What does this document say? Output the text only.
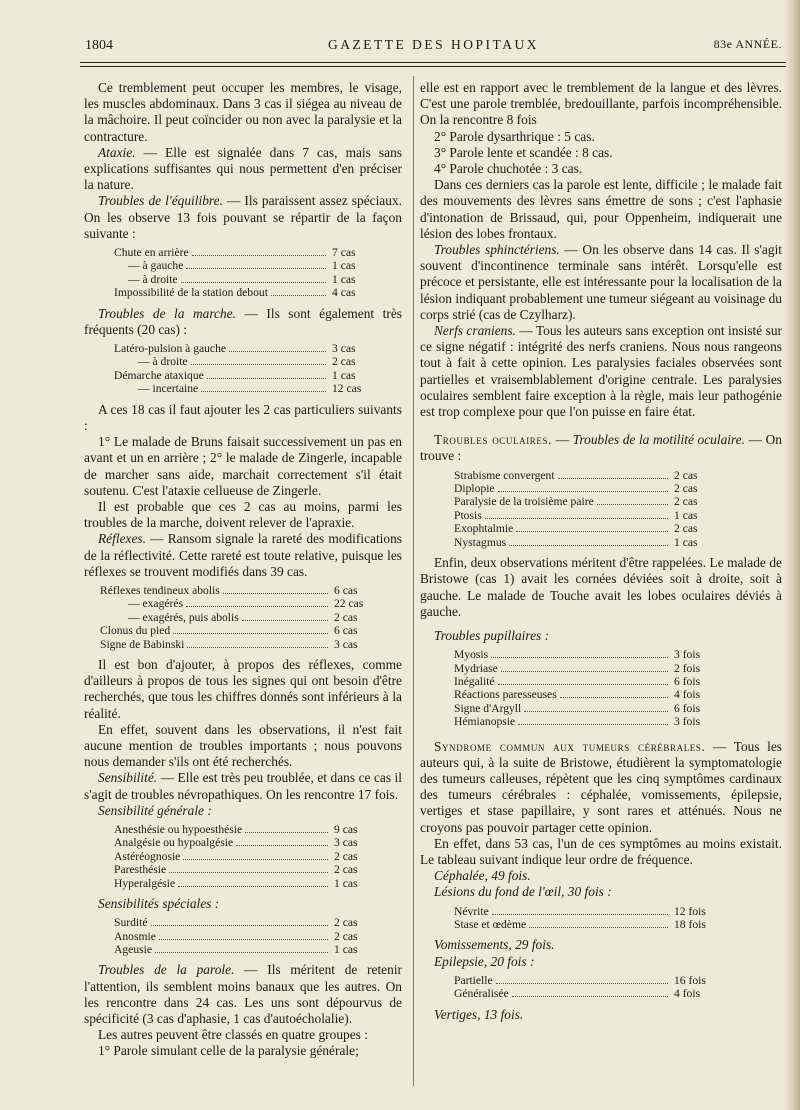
1804	GAZETTE DES HOPITAUX	83e ANNÉE.

Ce tremblement peut occuper les membres, le visage, les muscles abdominaux. Dans 3 cas il siégea au niveau de la mâchoire. Il peut coïncider ou non avec la paralysie et la contracture.

Ataxie. — Elle est signalée dans 7 cas, mais sans explications suffisantes qui nous permettent d'en préciser la nature.

Troubles de l'équilibre. — Ils paraissent assez spéciaux. On les observe 13 fois pouvant se répartir de la façon suivante :

Chute en arrière	7 cas
— à gauche	1 cas
— à droite	1 cas
Impossibilité de la station debout	4 cas

Troubles de la marche. — Ils sont également très fréquents (20 cas) :

Latéro-pulsion à gauche	3 cas
— à droite	2 cas
Démarche ataxique	1 cas
— incertaine	12 cas

A ces 18 cas il faut ajouter les 2 cas particuliers suivants :

1° Le malade de Bruns faisait successivement un pas en avant et un en arrière ; 2° le malade de Zingerle, incapable de marcher sans aide, marchait correctement s'il était soutenu. C'est l'ataxie cellueuse de Zingerle.

Il est probable que ces 2 cas au moins, parmi les troubles de la marche, doivent relever de l'apraxie.

Réflexes. — Ransom signale la rareté des modifications de la réflectivité. Cette rareté est toute relative, puisque les réflexes se trouvent modifiés dans 39 cas.

Réflexes tendineux abolis	6 cas
— exagérés	22 cas
— exagérés, puis abolis	2 cas
Clonus du pied	6 cas
Signe de Babinski	3 cas

Il est bon d'ajouter, à propos des réflexes, comme d'ailleurs à propos de tous les signes qui ont besoin d'être recherchés, que tous les chiffres donnés sont inférieurs à la réalité.

En effet, souvent dans les observations, il n'est fait aucune mention de troubles importants ; nous pouvons nous demander s'ils ont été recherchés.

Sensibilité. — Elle est très peu troublée, et dans ce cas il s'agit de troubles névropathiques. On les rencontre 17 fois.

Sensibilité générale :

Anesthésie ou hypoesthésie	9 cas
Analgésie ou hypoalgésie	3 cas
Astéréognosie	2 cas
Paresthésie	2 cas
Hyperalgésie	1 cas

Sensibilités spéciales :

Surdité	2 cas
Anosmie	2 cas
Ageusie	1 cas

Troubles de la parole. — Ils méritent de retenir l'attention, ils semblent moins banaux que les autres. On les rencontre dans 24 cas. Les uns sont dépourvus de spécificité (3 cas d'aphasie, 1 cas d'autoécholalie).

Les autres peuvent être classés en quatre groupes :

1° Parole simulant celle de la paralysie générale;

elle est en rapport avec le tremblement de la langue et des lèvres. C'est une parole tremblée, bredouillante, parfois incompréhensible. On la rencontre 8 fois

2° Parole dysarthrique : 5 cas.

3° Parole lente et scandée : 8 cas.

4° Parole chuchotée : 3 cas.

Dans ces derniers cas la parole est lente, difficile ; le malade fait des mouvements des lèvres sans émettre de sons ; c'est l'aphasie d'intonation de Brissaud, qui, pour Oppenheim, indiquerait une lésion des lobes frontaux.

Troubles sphinctériens. — On les observe dans 14 cas. Il s'agit souvent d'incontinence terminale sans intérêt. Lorsqu'elle est précoce et persistante, elle est intéressante pour la localisation de la lésion indiquant probablement une tumeur siégeant au voisinage du corps strié (cas de Czylharz).

Nerfs craniens. — Tous les auteurs sans exception ont insisté sur ce signe négatif : intégrité des nerfs craniens. Nous nous rangeons tout à fait à cette opinion. Les paralysies faciales observées sont partielles et vraisemblablement d'origine centrale. Les paralysies oculaires semblent faire exception à la règle, mais leur pathogénie est trop complexe pour que l'on puisse en faire état.

Troubles oculaires. — Troubles de la motilité oculaire. — On trouve :

Strabisme convergent	2 cas
Diplopie	2 cas
Paralysie de la troisième paire	2 cas
Ptosis	1 cas
Exophtalmie	2 cas
Nystagmus	1 cas

Enfin, deux observations méritent d'être rappelées. Le malade de Bristowe (cas 1) avait les cornées déviées soit à droite, soit à gauche. Le malade de Touche avait les lobes oculaires déviés à gauche.

Troubles pupillaires :

Myosis	3 fois
Mydriase	2 fois
Inégalité	6 fois
Réactions paresseuses	4 fois
Signe d'Argyll	6 fois
Hémianopsie	3 fois

Syndrome commun aux tumeurs cérébrales. — Tous les auteurs qui, à la suite de Bristowe, étudièrent la symptomatologie des tumeurs calleuses, répètent que les cinq symptômes cardinaux des tumeurs cérébrales : céphalée, vomissements, épilepsie, vertiges et stase papillaire, y sont rares et atténués. Nous ne croyons pas pouvoir partager cette opinion.

En effet, dans 53 cas, l'un de ces symptômes au moins existait. Le tableau suivant indique leur ordre de fréquence.

Céphalée, 49 fois.

Lésions du fond de l'œil, 30 fois :

Névrite	12 fois
Stase et œdème	18 fois

Vomissements, 29 fois.

Epilepsie, 20 fois :

Partielle	16 fois
Généralisée	4 fois

Vertiges, 13 fois.
